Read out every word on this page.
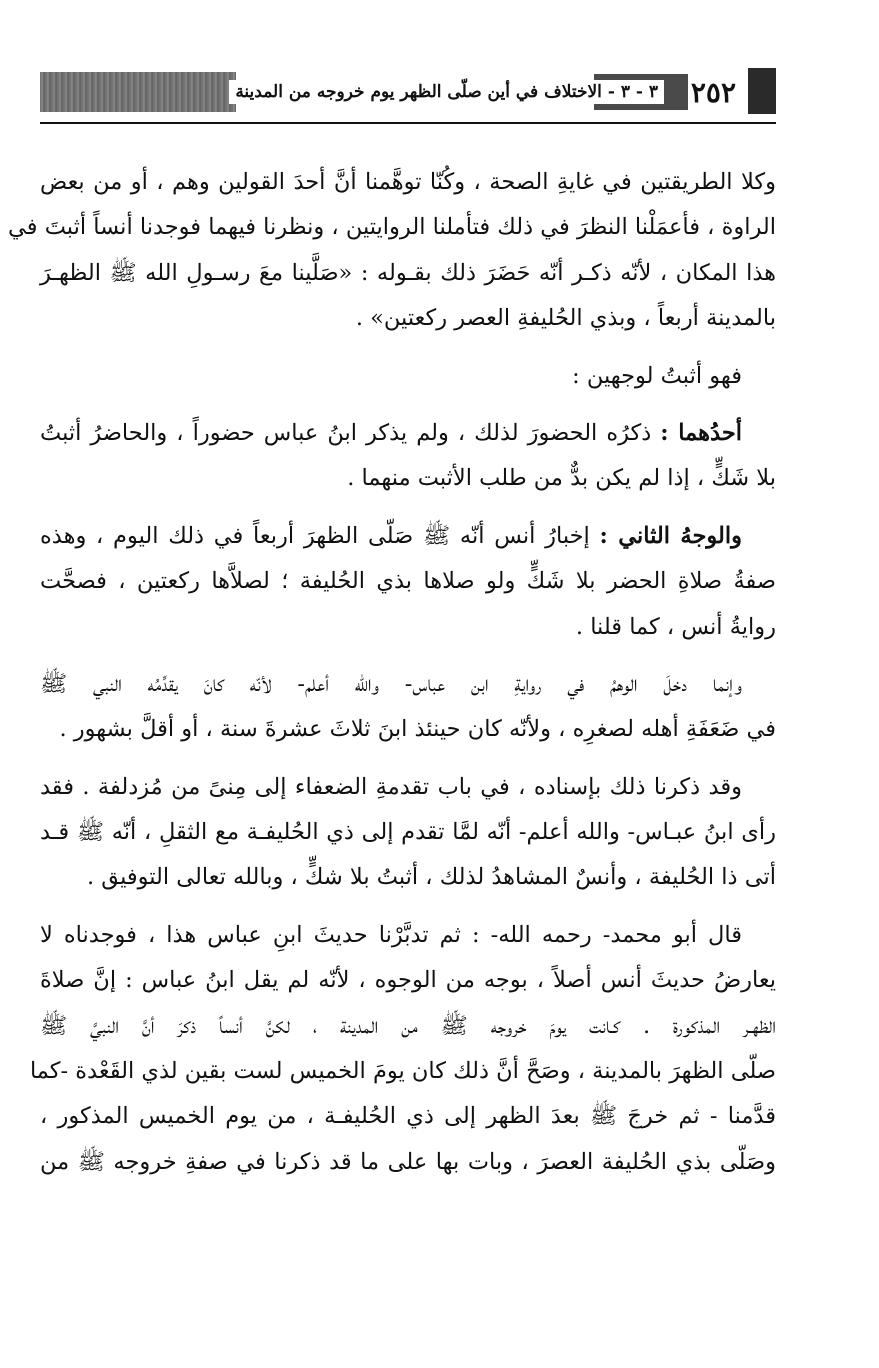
٣ - ٣ - الاختلاف في أين صلّى الظهر يوم خروجه من المدينة ٢٥٢
وكلا الطريقتين في غايةِ الصحة ، وكُنّا توهَّمنا أنَّ أحدَ القولين وهم ، أو من بعض
الراوة ، فأعمَلْنا النظرَ في ذلك فتأملنا الروايتين ، ونظرنا فيهما فوجدنا أنساً أثبتَ في
هذا المكان ، لأنّه ذكـر أنّه حَضَرَ ذلك بقـوله : «صَلَّينا معَ رسـولِ الله ﷺ الظهـرَ
بالمدينة أربعاً ، وبذي الحُليفةِ العصر ركعتين» .
فهو أثبتُ لوجهين :
أحدُهما : ذكرُه الحضورَ لذلك ، ولم يذكر ابنُ عباس حضوراً ، والحاضرُ أثبتُ
بلا شَكٍّ ، إذا لم يكن بدٌّ من طلب الأثبت منهما .
والوجهُ الثاني : إخبارُ أنس أنّه ﷺ صَلّى الظهرَ أربعاً في ذلك اليوم ، وهذه
صفةُ صلاةِ الحضر بلا شَكٍّ ولو صلاها بذي الحُليفة ؛ لصلاَّها ركعتين ، فصحَّت
روايةُ أنس ، كما قلنا .
وإنما دخلَ الوهمُ في روايةِ ابن عباس- والله أعلم- لأنّه كانَ يقدِّمُه النبي ﷺ
في ضَعَفَةِ أهله لصغرِه ، ولأنّه كان حينئذ ابنَ ثلاثَ عشرةَ سنة ، أو أقلَّ بشهور .
وقد ذكرنا ذلك بإسناده ، في باب تقدمةِ الضعفاء إلى مِنىً من مُزدلفة . فقد
رأى ابنُ عبـاس- والله أعلم- أنّه لمَّا تقدم إلى ذي الحُليفـة مع الثقلِ ، أنّه ﷺ قـد
أتى ذا الحُليفة ، وأنسٌ المشاهدُ لذلك ، أثبتُ بلا شكٍّ ، وبالله تعالى التوفيق .
قال أبو محمد- رحمه الله- : ثم تدبَّرْنا حديثَ ابنِ عباس هذا ، فوجدناه لا
يعارضُ حديثَ أنس أصلاً ، بوجه من الوجوه ، لأنّه لم يقل ابنُ عباس : إنَّ صلاةَ
الظهـر المذكورة . كـانت يومَ خروجه ﷺ من المدينة ، لكنَّ أنساً ذكرَ أنَّ النبيَّ ﷺ
صلّى الظهرَ بالمدينة ، وصَحَّ أنَّ ذلك كان يومَ الخميس لست بقين لذي القَعْدة -كما
قدَّمنا - ثم خرجَ ﷺ بعدَ الظهر إلى ذي الحُليفـة ، من يوم الخميس المذكور ،
وصَلّى بذي الحُليفة العصرَ ، وبات بها على ما قد ذكرنا في صفةِ خروجه ﷺ من
